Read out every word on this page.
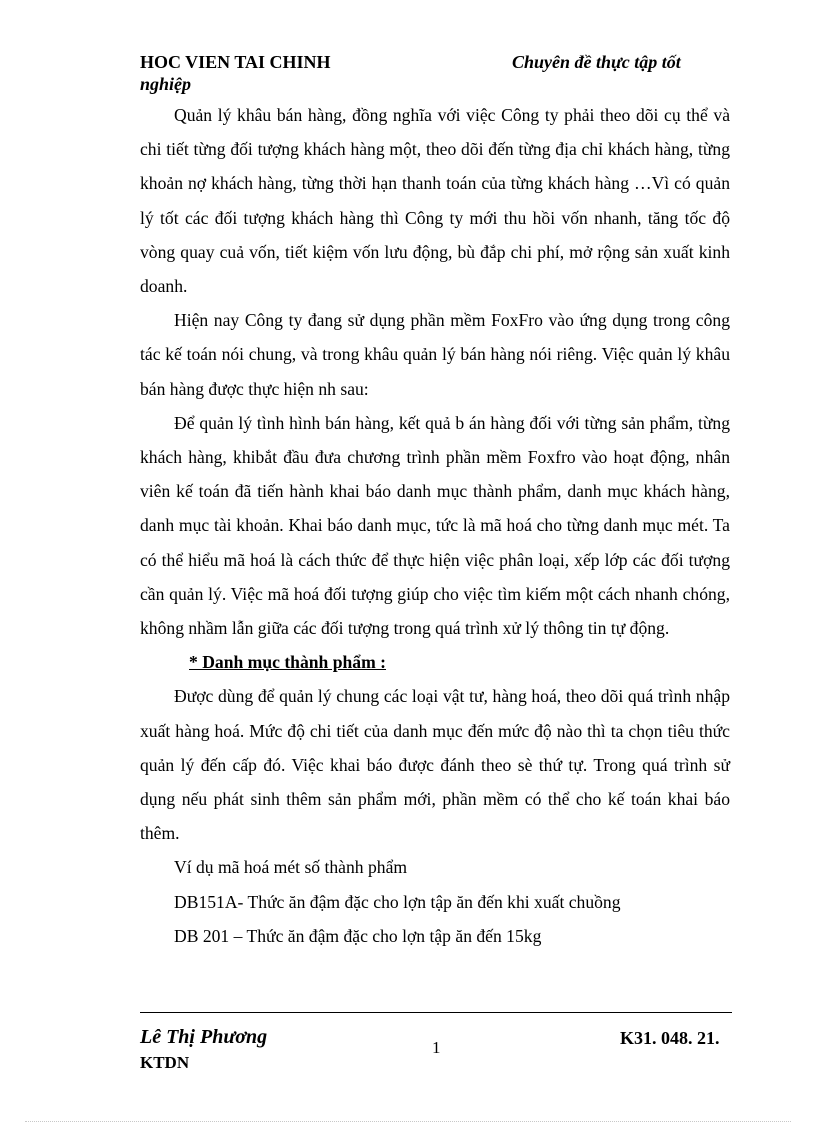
HOC VIEN TAI CHINH
nghiệp
Chuyên đề thực tập tốt

Quản lý khâu bán hàng, đồng nghĩa với việc Công ty phải theo dõi cụ thể và chi tiết từng đối tượng khách hàng một, theo dõi đến từng địa chỉ khách hàng, từng khoản nợ khách hàng, từng thời hạn thanh toán của từng khách hàng …Vì có quản lý tốt các đối tượng khách hàng thì Công ty mới thu hồi vốn nhanh, tăng tốc độ vòng quay cuả vốn, tiết kiệm vốn lưu động, bù đắp chi phí, mở rộng sản xuất kinh doanh.

Hiện nay Công ty đang sử dụng phần mềm FoxFro vào ứng dụng trong công tác kế toán nói chung, và trong khâu quản lý bán hàng nói riêng. Việc quản lý khâu bán hàng được thực hiện nh sau:

Để quản lý tình hình bán hàng, kết quả b án hàng đối với từng sản phẩm, từng khách hàng, khibắt đầu đưa chương trình phần mềm Foxfro vào hoạt động, nhân viên kế toán đã tiến hành khai báo danh mục thành phẩm, danh mục khách hàng, danh mục tài khoản. Khai báo danh mục, tức là mã hoá cho từng danh mục mét. Ta có thể hiểu mã hoá là cách thức để thực hiện việc phân loại, xếp lớp các đối tượng cần quản lý. Việc mã hoá đối tượng giúp cho việc tìm kiếm một cách nhanh chóng, không nhầm lẫn giữa các đối tượng trong quá trình xử lý thông tin tự động.

* Danh mục thành phẩm :

Được dùng để quản lý chung các loại vật tư, hàng hoá, theo dõi quá trình nhập xuất hàng hoá. Mức độ chi tiết của danh mục đến mức độ nào thì ta chọn tiêu thức quản lý đến cấp đó. Việc khai báo được đánh theo sè thứ tự. Trong quá trình sử dụng nếu phát sinh thêm sản phẩm mới, phần mềm có thể cho kế toán khai báo thêm.

Ví dụ mã hoá mét số thành phẩm

DB151A- Thức ăn đậm đặc cho lợn tập ăn đến khi xuất chuồng

DB 201 – Thức ăn đậm đặc cho lợn tập ăn đến 15kg

Lê Thị Phương
KTDN
1	K31. 048. 21.
